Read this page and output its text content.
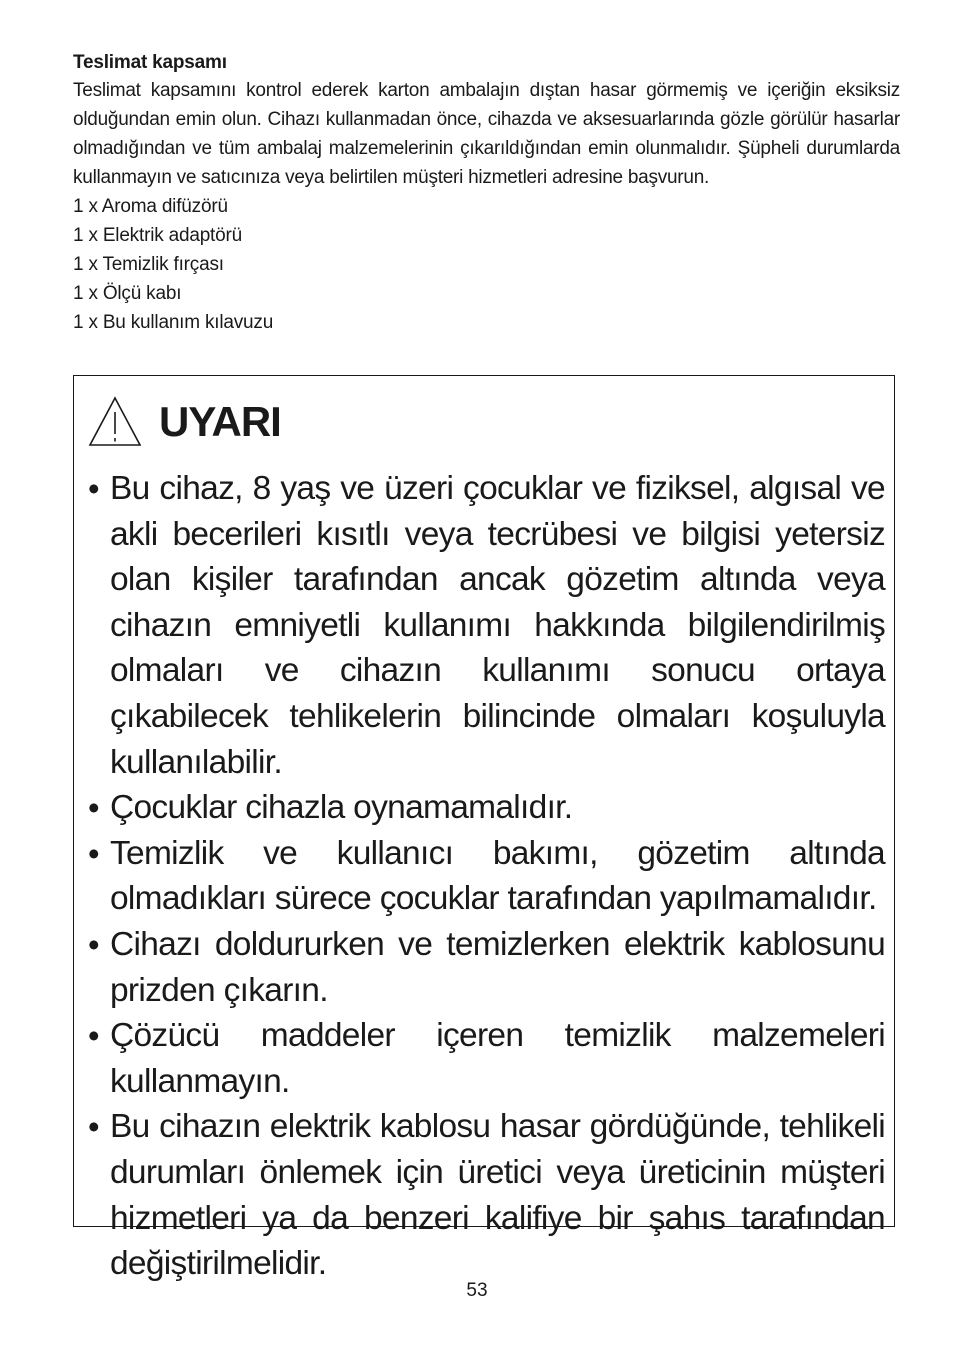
Teslimat kapsamı

Teslimat kapsamını kontrol ederek karton ambalajın dıştan hasar görmemiş ve içeriğin eksiksiz olduğundan emin olun. Cihazı kullanmadan önce, cihazda ve aksesuarlarında gözle görülür hasarlar olmadığından ve tüm ambalaj malzemelerinin çıkarıldığından emin olunmalıdır. Şüpheli durumlarda kullanmayın ve satıcınıza veya belirtilen müşteri hizmetleri adresine başvurun.

1 x Aroma difüzörü
1 x Elektrik adaptörü
1 x Temizlik fırçası
1 x Ölçü kabı
1 x Bu kullanım kılavuzu
UYARI
• Bu cihaz, 8 yaş ve üzeri çocuklar ve fiziksel, algısal ve akli becerileri kısıtlı veya tecrübesi ve bilgisi yetersiz olan kişiler tarafından ancak gözetim altında veya cihazın emniyetli kullanımı hakkında bilgilendirilmiş olmaları ve cihazın kullanımı sonucu ortaya çıkabilecek tehlikelerin bilincinde olmaları koşuluyla kullanılabilir.
• Çocuklar cihazla oynamamalıdır.
• Temizlik ve kullanıcı bakımı, gözetim altında olmadıkları sürece çocuklar tarafından yapılmamalıdır.
• Cihazı doldururken ve temizlerken elektrik kablosunu prizden çıkarın.
• Çözücü maddeler içeren temizlik malzemeleri kullanmayın.
• Bu cihazın elektrik kablosu hasar gördüğünde, tehlikeli durumları önlemek için üretici veya üreticinin müşteri hizmetleri ya da benzeri kalifiye bir şahıs tarafından değiştirilmelidir.
53
